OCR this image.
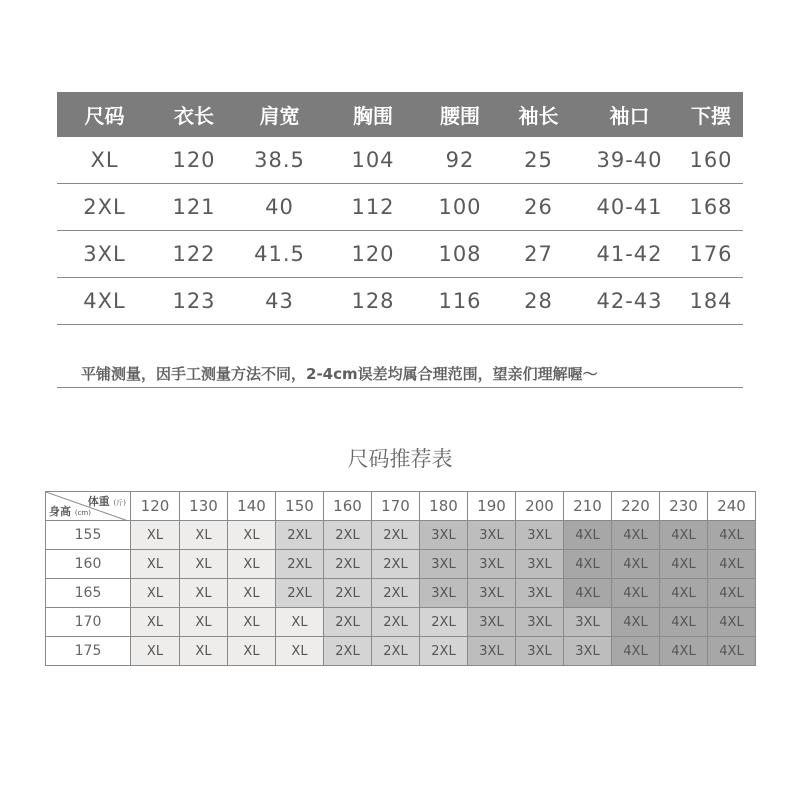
尺码	衣长	肩宽	胸围	腰围	袖长	袖口	下摆
XL	120	38.5	104	92	25	39-40	160
2XL	121	40	112	100	26	40-41	168
3XL	122	41.5	120	108	27	41-42	176
4XL	123	43	128	116	28	42-43	184
平铺测量，因手工测量方法不同，2-4cm误差均属合理范围，望亲们理解喔～
尺码推荐表
体重 (斤)
身高 (cm)	120	130	140	150	160	170	180	190	200	210	220	230	240
155	XL	XL	XL	2XL	2XL	2XL	3XL	3XL	3XL	4XL	4XL	4XL	4XL
160	XL	XL	XL	2XL	2XL	2XL	3XL	3XL	3XL	4XL	4XL	4XL	4XL
165	XL	XL	XL	2XL	2XL	2XL	3XL	3XL	3XL	4XL	4XL	4XL	4XL
170	XL	XL	XL	XL	2XL	2XL	2XL	3XL	3XL	3XL	4XL	4XL	4XL
175	XL	XL	XL	XL	2XL	2XL	2XL	3XL	3XL	3XL	4XL	4XL	4XL
